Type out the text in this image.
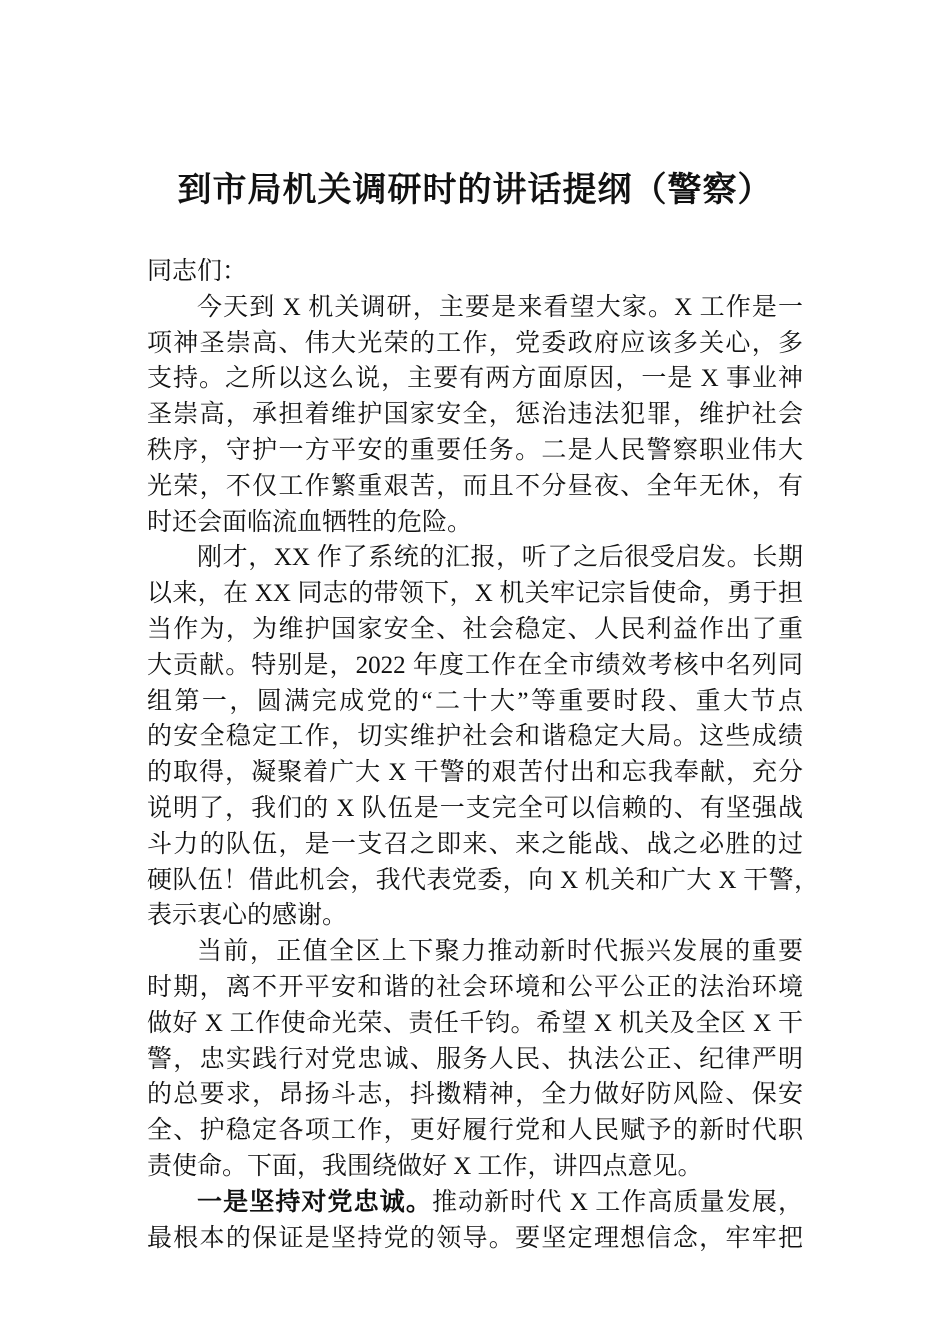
到市局机关调研时的讲话提纲（警察）
同志们：
今天到 X 机关调研，主要是来看望大家。X 工作是一
项神圣崇高、伟大光荣的工作，党委政府应该多关心，多
支持。之所以这么说，主要有两方面原因，一是 X 事业神
圣崇高，承担着维护国家安全，惩治违法犯罪，维护社会
秩序，守护一方平安的重要任务。二是人民警察职业伟大
光荣，不仅工作繁重艰苦，而且不分昼夜、全年无休，有
时还会面临流血牺牲的危险。
刚才，XX 作了系统的汇报，听了之后很受启发。长期
以来，在 XX 同志的带领下，X 机关牢记宗旨使命，勇于担
当作为，为维护国家安全、社会稳定、人民利益作出了重
大贡献。特别是，2022 年度工作在全市绩效考核中名列同
组第一，圆满完成党的“二十大”等重要时段、重大节点
的安全稳定工作，切实维护社会和谐稳定大局。这些成绩
的取得，凝聚着广大 X 干警的艰苦付出和忘我奉献，充分
说明了，我们的 X 队伍是一支完全可以信赖的、有坚强战
斗力的队伍，是一支召之即来、来之能战、战之必胜的过
硬队伍！借此机会，我代表党委，向 X 机关和广大 X 干警，
表示衷心的感谢。
当前，正值全区上下聚力推动新时代振兴发展的重要
时期，离不开平安和谐的社会环境和公平公正的法治环境
做好 X 工作使命光荣、责任千钧。希望 X 机关及全区 X 干
警，忠实践行对党忠诚、服务人民、执法公正、纪律严明
的总要求，昂扬斗志，抖擞精神，全力做好防风险、保安
全、护稳定各项工作，更好履行党和人民赋予的新时代职
责使命。下面，我围绕做好 X 工作，讲四点意见。
一是坚持对党忠诚。推动新时代 X 工作高质量发展，
最根本的保证是坚持党的领导。要坚定理想信念，牢牢把
